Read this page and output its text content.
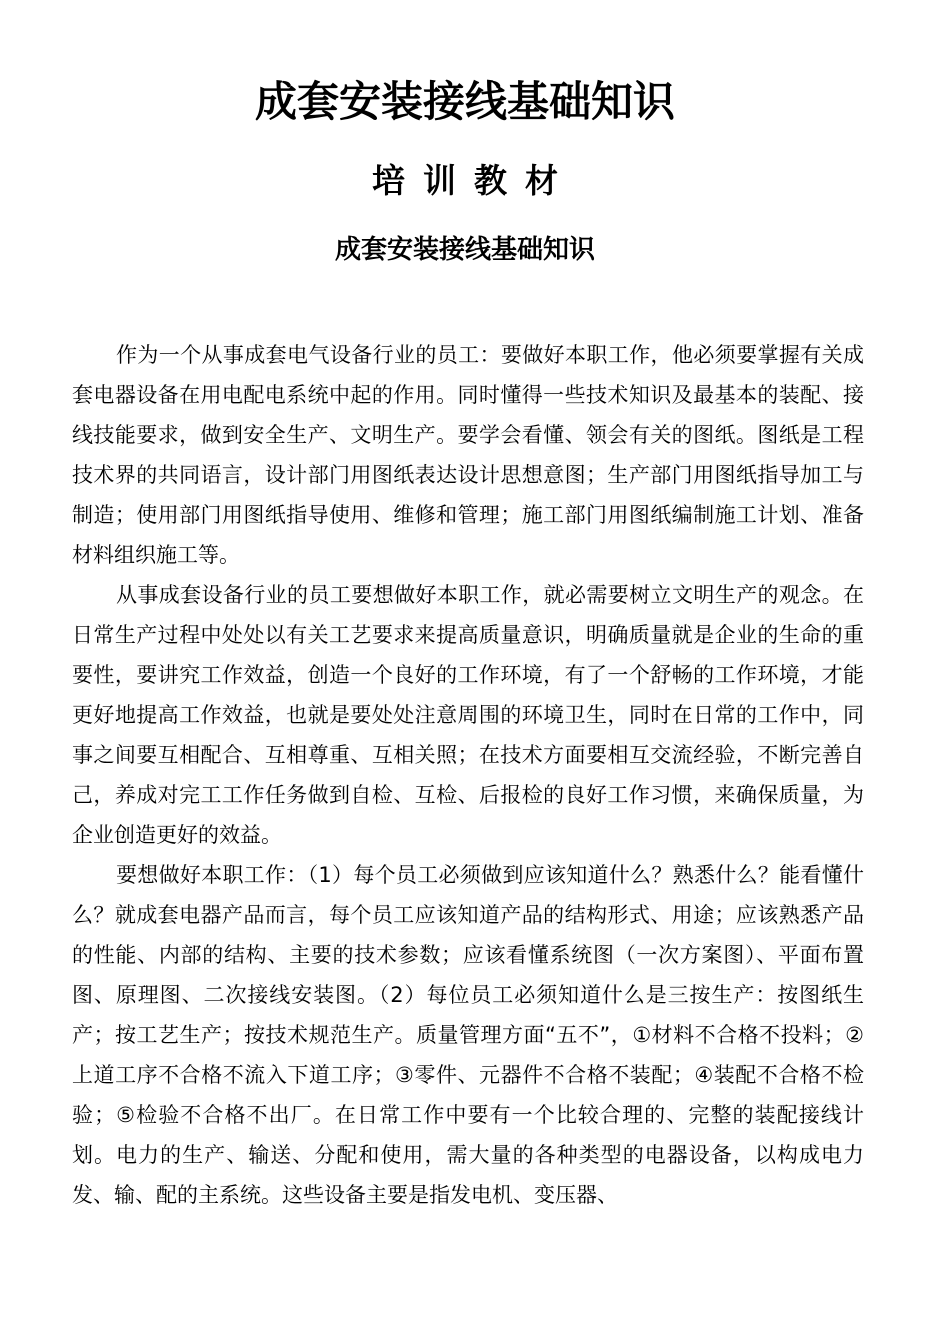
成套安装接线基础知识
培训教材
成套安装接线基础知识

作为一个从事成套电气设备行业的员工：要做好本职工作，他必须要掌握有关成套电器设备在用电配电系统中起的作用。同时懂得一些技术知识及最基本的装配、接线技能要求，做到安全生产、文明生产。要学会看懂、领会有关的图纸。图纸是工程技术界的共同语言，设计部门用图纸表达设计思想意图；生产部门用图纸指导加工与制造；使用部门用图纸指导使用、维修和管理；施工部门用图纸编制施工计划、准备材料组织施工等。

从事成套设备行业的员工要想做好本职工作，就必需要树立文明生产的观念。在日常生产过程中处处以有关工艺要求来提高质量意识，明确质量就是企业的生命的重要性，要讲究工作效益，创造一个良好的工作环境，有了一个舒畅的工作环境，才能更好地提高工作效益，也就是要处处注意周围的环境卫生，同时在日常的工作中，同事之间要互相配合、互相尊重、互相关照；在技术方面要相互交流经验，不断完善自己，养成对完工工作任务做到自检、互检、后报检的良好工作习惯，来确保质量，为企业创造更好的效益。

要想做好本职工作：（1）每个员工必须做到应该知道什么？熟悉什么？能看懂什么？就成套电器产品而言，每个员工应该知道产品的结构形式、用途；应该熟悉产品的性能、内部的结构、主要的技术参数；应该看懂系统图（一次方案图）、平面布置图、原理图、二次接线安装图。（2）每位员工必须知道什么是三按生产：按图纸生产；按工艺生产；按技术规范生产。质量管理方面“五不”，①材料不合格不投料；②上道工序不合格不流入下道工序；③零件、元器件不合格不装配；④装配不合格不检验；⑤检验不合格不出厂。在日常工作中要有一个比较合理的、完整的装配接线计划。电力的生产、输送、分配和使用，需大量的各种类型的电器设备，以构成电力发、输、配的主系统。这些设备主要是指发电机、变压器、
